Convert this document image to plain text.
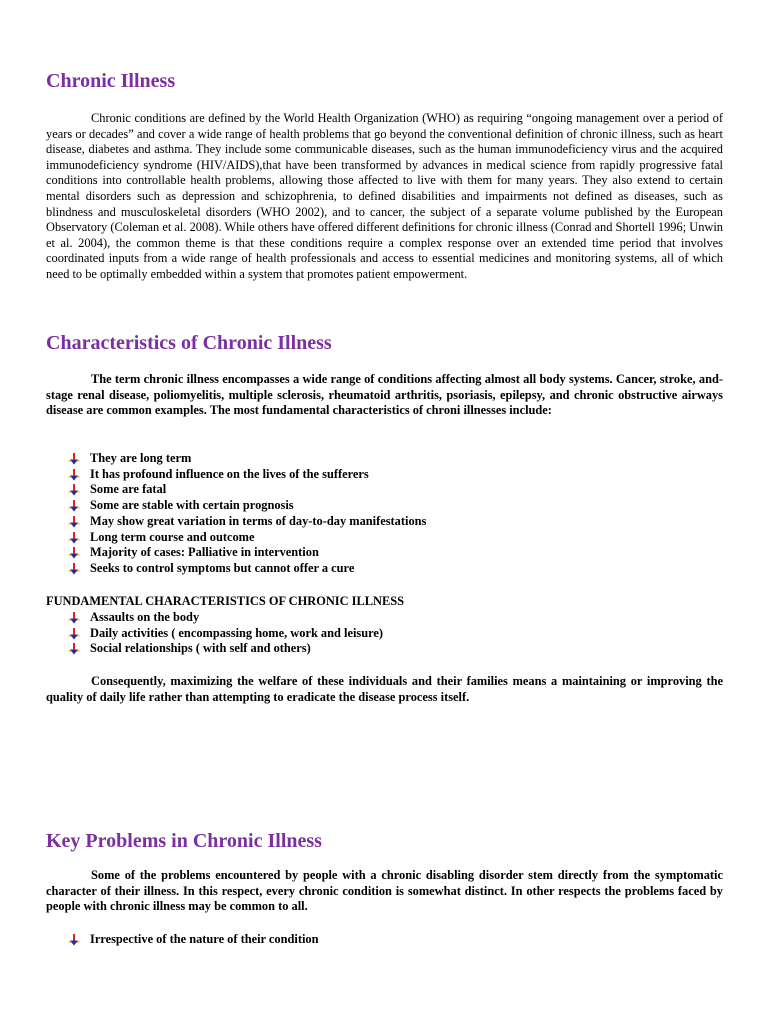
Chronic Illness

Chronic conditions are defined by the World Health Organization (WHO) as requiring “ongoing management over a period of years or decades” and cover a wide range of health problems that go beyond the conventional definition of chronic illness, such as heart disease, diabetes and asthma. They include some communicable diseases, such as the human immunodeficiency virus and the acquired immunodeficiency syndrome (HIV/AIDS),that have been transformed by advances in medical science from rapidly progressive fatal conditions into controllable health problems, allowing those affected to live with them for many years. They also extend to certain mental disorders such as depression and schizophrenia, to defined disabilities and impairments not defined as diseases, such as blindness and musculoskeletal disorders (WHO 2002), and to cancer, the subject of a separate volume published by the European Observatory (Coleman et al. 2008). While others have offered different definitions for chronic illness (Conrad and Shortell 1996; Unwin et al. 2004), the common theme is that these conditions require a complex response over an extended time period that involves coordinated inputs from a wide range of health professionals and access to essential medicines and monitoring systems, all of which need to be optimally embedded within a system that promotes patient empowerment.

Characteristics of Chronic Illness

The term chronic illness encompasses a wide range of conditions affecting almost all body systems. Cancer, stroke, and- stage renal disease, poliomyelitis, multiple sclerosis, rheumatoid arthritis, psoriasis, epilepsy, and chronic obstructive airways disease are common examples. The most fundamental characteristics of chroni illnesses include:

They are long term
It has profound influence on the lives of the sufferers
Some are fatal
Some are stable with certain prognosis
May show great variation in terms of day-to-day manifestations
Long term course and outcome
Majority of cases: Palliative in intervention
Seeks to control symptoms but cannot offer a cure

FUNDAMENTAL CHARACTERISTICS OF CHRONIC ILLNESS

Assaults on the body
Daily activities ( encompassing home, work and leisure)
Social relationships ( with self and others)

Consequently, maximizing the welfare of these individuals and their families means a maintaining or improving the quality of daily life rather than attempting to eradicate the disease process itself.

Key Problems in Chronic Illness

Some of the problems encountered by people with a chronic disabling disorder stem directly from the symptomatic character of their illness. In this respect, every chronic condition is somewhat distinct. In other respects the problems faced by people with chronic illness may be common to all.

Irrespective of the nature of their condition
